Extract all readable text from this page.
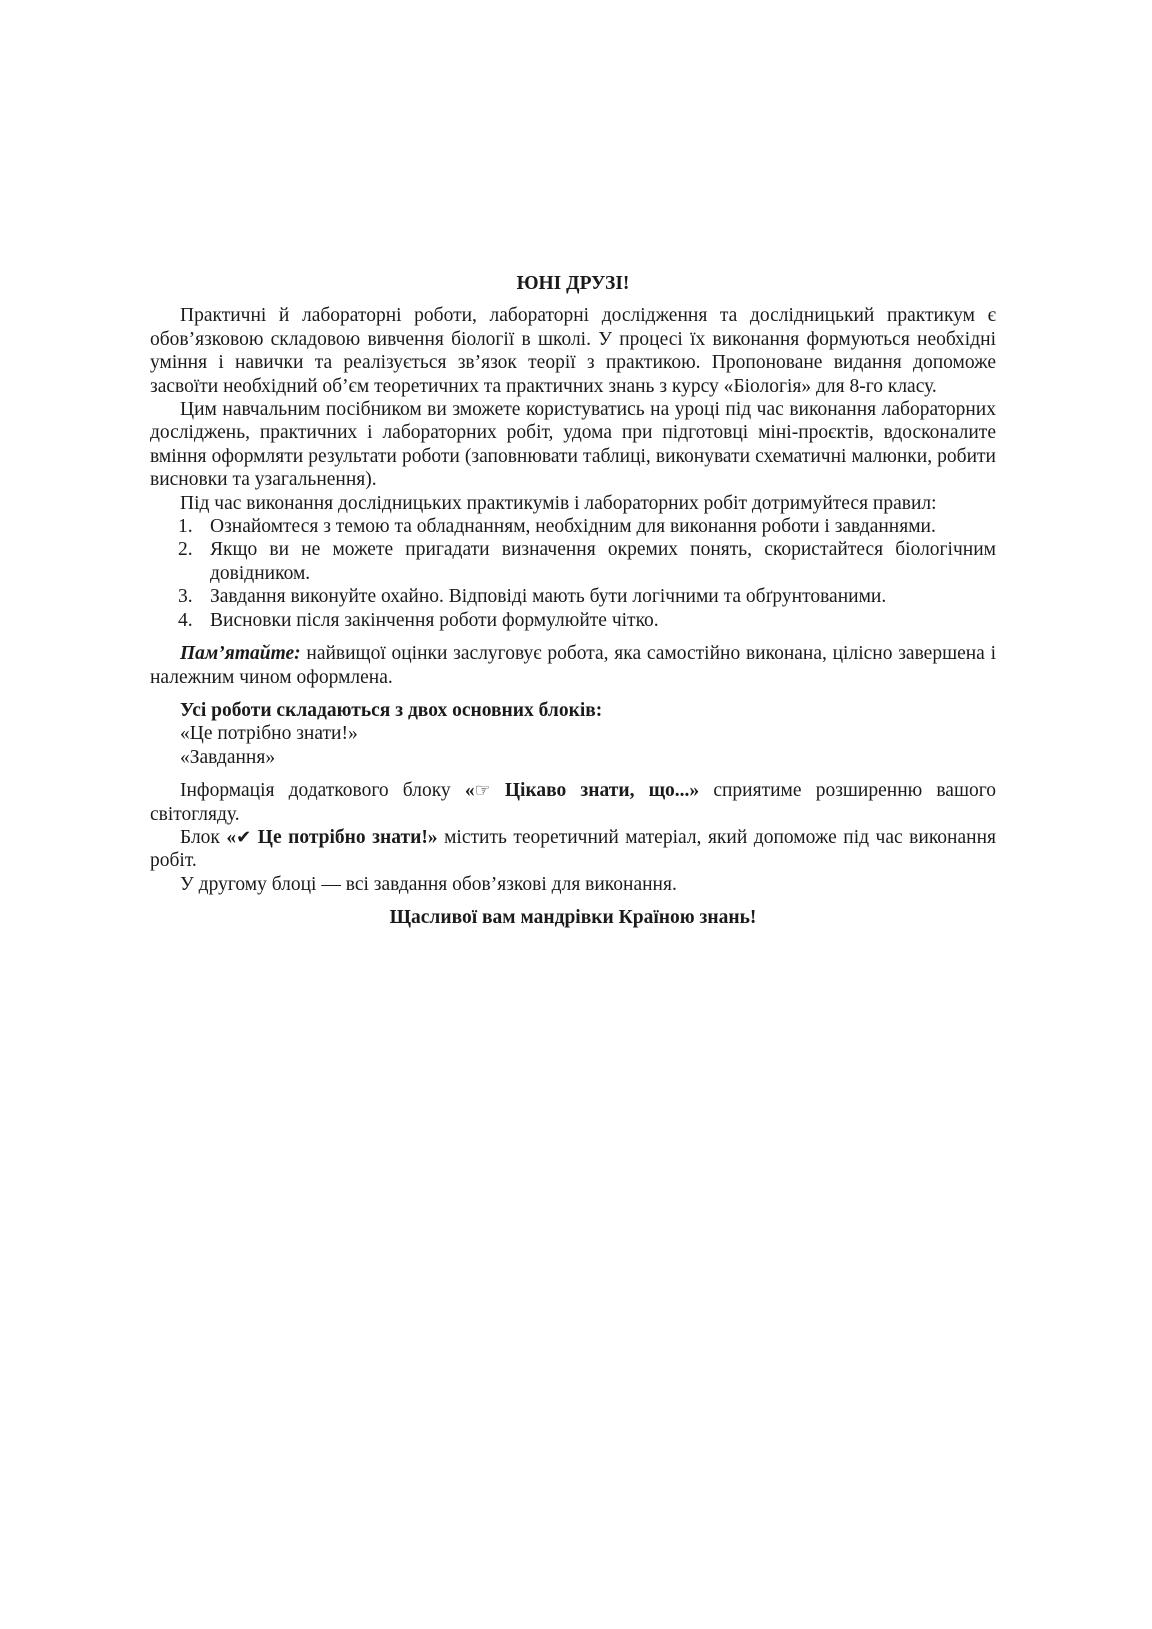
ЮНІ ДРУЗІ!

Практичні й лабораторні роботи, лабораторні дослідження та дослідницький практикум є обов’язковою складовою вивчення біології в школі. У процесі їх виконання формуються необхідні уміння і навички та реалізується зв’язок теорії з практикою. Пропоноване видання допоможе засвоїти необхідний об’єм теоретичних та практичних знань з курсу «Біологія» для 8-го класу.

Цим навчальним посібником ви зможете користуватись на уроці під час виконання лабораторних досліджень, практичних і лабораторних робіт, удома при підготовці міні-проєктів, вдосконалите вміння оформляти результати роботи (заповнювати таблиці, виконувати схематичні малюнки, робити висновки та узагальнення).

Під час виконання дослідницьких практикумів і лабораторних робіт дотримуйтеся правил:

1. Ознайомтеся з темою та обладнанням, необхідним для виконання роботи і завданнями.
2. Якщо ви не можете пригадати визначення окремих понять, скористайтеся біологічним довідником.
3. Завдання виконуйте охайно. Відповіді мають бути логічними та обґрунтованими.
4. Висновки після закінчення роботи формулюйте чітко.

Пам’ятайте: найвищої оцінки заслуговує робота, яка самостійно виконана, цілісно завершена і належним чином оформлена.

Усі роботи складаються з двох основних блоків:
«Це потрібно знати!»
«Завдання»

Інформація додаткового блоку «☞ Цікаво знати, що...» сприятиме розширенню вашого світогляду.

Блок «✔ Це потрібно знати!» містить теоретичний матеріал, який допоможе під час виконання робіт.

У другому блоці — всі завдання обов’язкові для виконання.

Щасливої вам мандрівки Країною знань!
